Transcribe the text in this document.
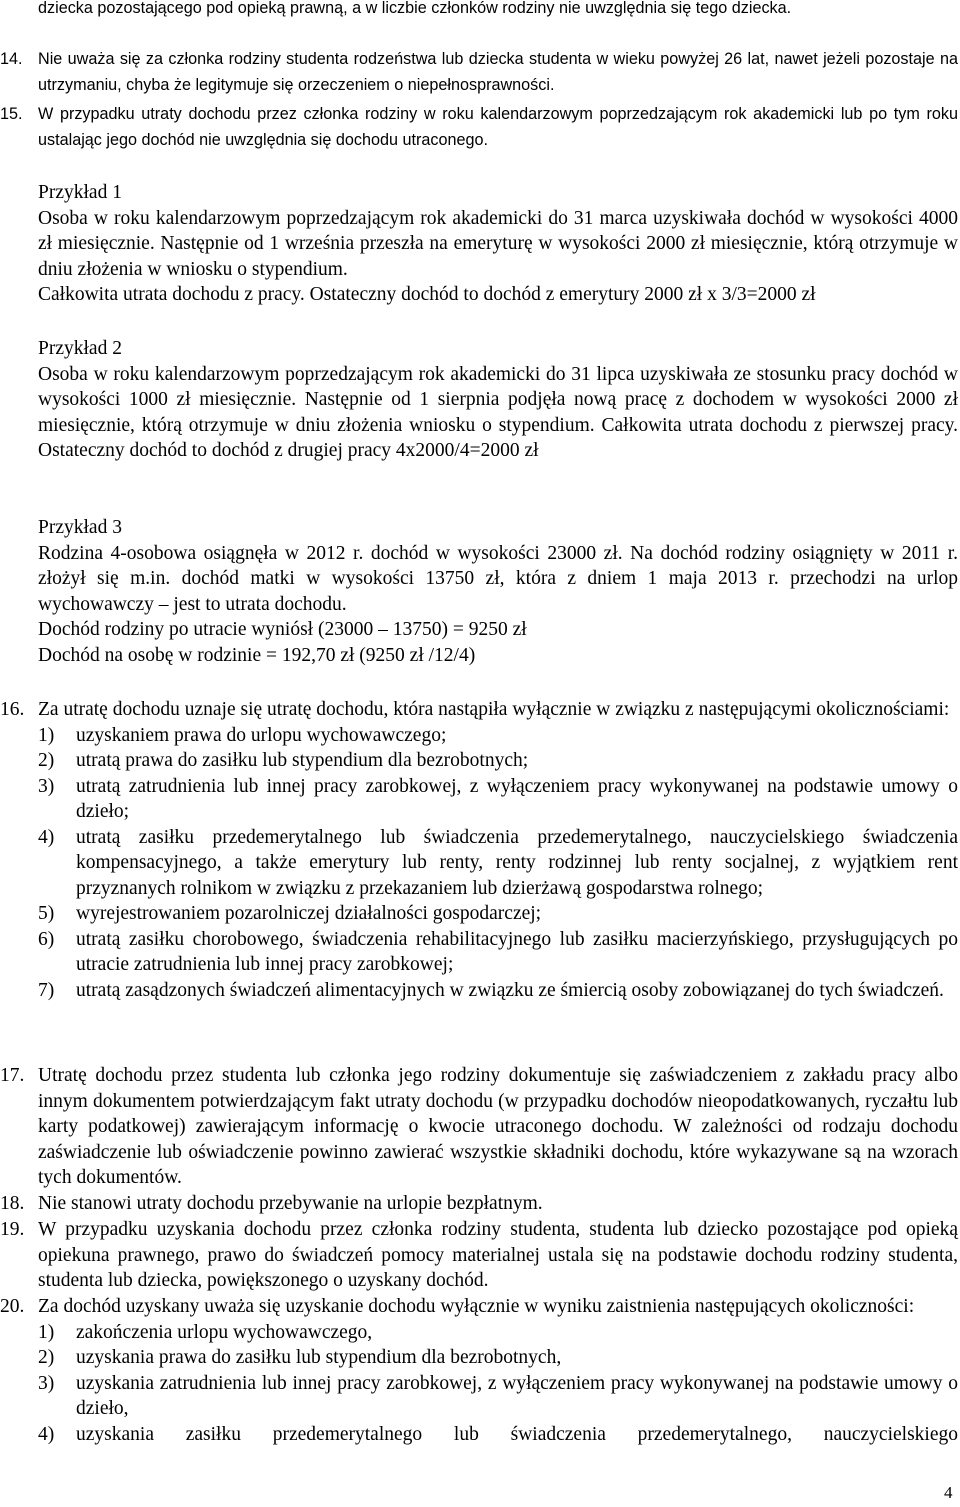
dziecka pozostającego pod opieką prawną, a w liczbie członków rodziny nie uwzględnia się tego dziecka.

14. Nie uważa się za członka rodziny studenta rodzeństwa lub dziecka studenta w wieku powyżej 26 lat, nawet jeżeli pozostaje na utrzymaniu, chyba że legitymuje się orzeczeniem o niepełnosprawności.
15. W przypadku utraty dochodu przez członka rodziny w roku kalendarzowym poprzedzającym rok akademicki lub po tym roku ustalając jego dochód nie uwzględnia się dochodu utraconego.

Przykład 1

Osoba w roku kalendarzowym poprzedzającym rok akademicki do 31 marca uzyskiwała dochód w wysokości 4000 zł miesięcznie. Następnie od 1 września przeszła na emeryturę w wysokości 2000 zł miesięcznie, którą otrzymuje w dniu złożenia w wniosku o stypendium.

Całkowita utrata dochodu z pracy. Ostateczny dochód to dochód z emerytury 2000 zł x 3/3=2000 zł

Przykład 2

Osoba w roku kalendarzowym poprzedzającym rok akademicki do 31 lipca uzyskiwała ze stosunku pracy dochód w wysokości 1000 zł miesięcznie. Następnie od 1 sierpnia podjęła nową pracę z dochodem w wysokości 2000 zł miesięcznie, którą otrzymuje w dniu złożenia wniosku o stypendium. Całkowita utrata dochodu z pierwszej pracy. Ostateczny dochód to dochód z drugiej pracy 4x2000/4=2000 zł

Przykład 3

Rodzina 4-osobowa osiągnęła w 2012 r. dochód w wysokości 23000 zł. Na dochód rodziny osiągnięty w 2011 r. złożył się m.in. dochód matki w wysokości 13750 zł, która z dniem 1 maja 2013 r. przechodzi na urlop wychowawczy – jest to utrata dochodu.

Dochód rodziny po utracie wyniósł (23000 – 13750) = 9250 zł

Dochód na osobę w rodzinie = 192,70 zł (9250 zł /12/4)

16. Za utratę dochodu uznaje się utratę dochodu, która nastąpiła wyłącznie w związku z następującymi okolicznościami:
1)	uzyskaniem prawa do urlopu wychowawczego;
2)	utratą prawa do zasiłku lub stypendium dla bezrobotnych;
3)	utratą zatrudnienia lub innej pracy zarobkowej, z wyłączeniem pracy wykonywanej na podstawie umowy o dzieło;
4)	utratą zasiłku przedemerytalnego lub świadczenia przedemerytalnego, nauczycielskiego świadczenia kompensacyjnego, a także emerytury lub renty, renty rodzinnej lub renty socjalnej, z wyjątkiem rent przyznanych rolnikom w związku z przekazaniem lub dzierżawą gospodarstwa rolnego;
5)	wyrejestrowaniem pozarolniczej działalności gospodarczej;
6)	utratą zasiłku chorobowego, świadczenia rehabilitacyjnego lub zasiłku macierzyńskiego, przysługujących po utracie zatrudnienia lub innej pracy zarobkowej;
7)	utratą zasądzonych świadczeń alimentacyjnych w związku ze śmiercią osoby zobowiązanej do tych świadczeń.
17. Utratę dochodu przez studenta lub członka jego rodziny dokumentuje się zaświadczeniem z zakładu pracy albo innym dokumentem potwierdzającym fakt utraty dochodu (w przypadku dochodów nieopodatkowanych, ryczałtu lub karty podatkowej) zawierającym informację o kwocie utraconego dochodu. W zależności od rodzaju dochodu zaświadczenie lub oświadczenie powinno zawierać wszystkie składniki dochodu, które wykazywane są na wzorach tych dokumentów.
18. Nie stanowi utraty dochodu przebywanie na urlopie bezpłatnym.
19. W przypadku uzyskania dochodu przez członka rodziny studenta, studenta lub dziecko pozostające pod opieką opiekuna prawnego, prawo do świadczeń pomocy materialnej ustala się na podstawie dochodu rodziny studenta, studenta lub dziecka, powiększonego o uzyskany dochód.
20. Za dochód uzyskany uważa się uzyskanie dochodu wyłącznie w wyniku zaistnienia następujących okoliczności:
1)	zakończenia urlopu wychowawczego,
2)	uzyskania prawa do zasiłku lub stypendium dla bezrobotnych,
3)	uzyskania zatrudnienia lub innej pracy zarobkowej, z wyłączeniem pracy wykonywanej na podstawie umowy o dzieło,
4)	uzyskania zasiłku przedemerytalnego lub świadczenia przedemerytalnego, nauczycielskiego
4
